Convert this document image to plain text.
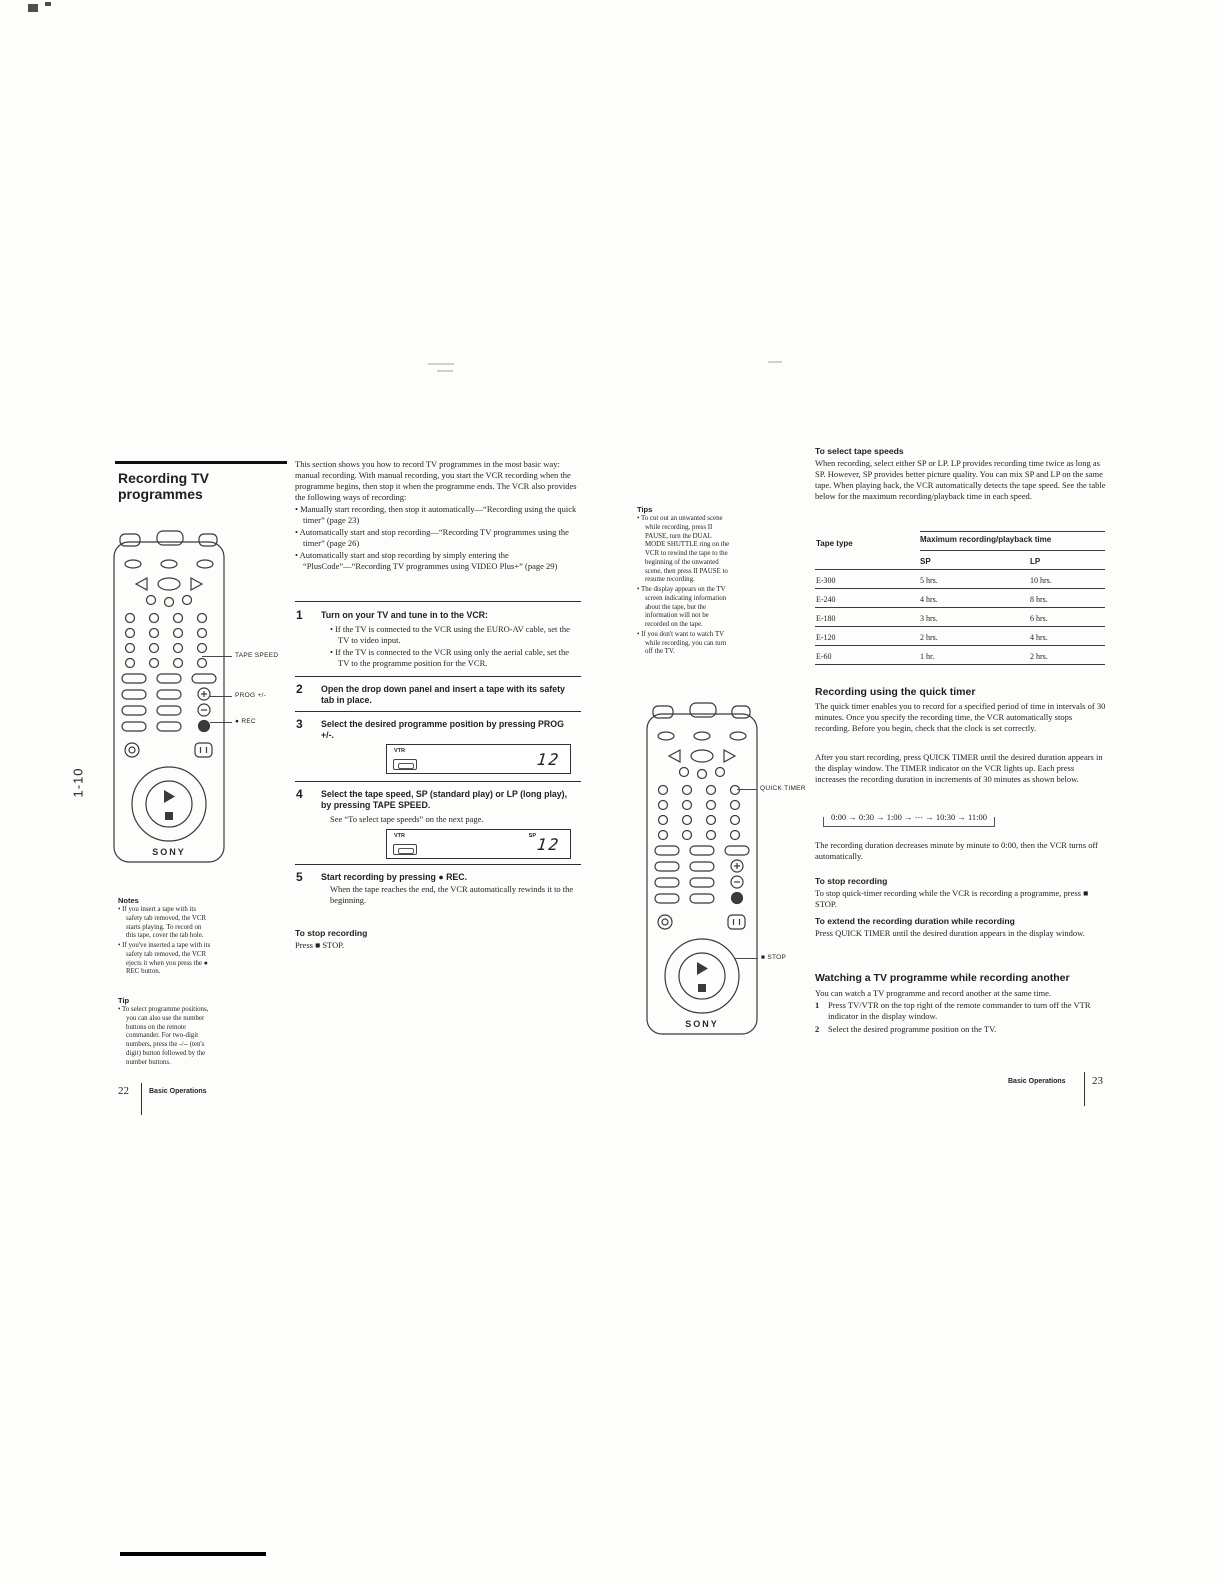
1-10
Recording TV
programmes
SONY
TAPE SPEED
PROG +/-
● REC
Notes
• If you insert a tape with its safety tab removed, the VCR starts playing. To record on this tape, cover the tab hole.
• If you've inserted a tape with its safety tab removed, the VCR ejects it when you press the ● REC button.
Tip
• To select programme positions, you can also use the number buttons on the remote commander. For two-digit numbers, press the -/-- (ten's digit) button followed by the number buttons.
22	Basic Operations
This section shows you how to record TV programmes in the most basic way: manual recording. With manual recording, you start the VCR recording when the programme begins, then stop it when the programme ends. The VCR also provides the following ways of recording:
• Manually start recording, then stop it automatically—“Recording using the quick timer” (page 23)
• Automatically start and stop recording—“Recording TV programmes using the timer” (page 26)
• Automatically start and stop recording by simply entering the “PlusCode”—“Recording TV programmes using VIDEO Plus+” (page 29)
1 Turn on your TV and tune in to the VCR:
• If the TV is connected to the VCR using the EURO-AV cable, set the TV to video input.
• If the TV is connected to the VCR using only the aerial cable, set the TV to the programme position for the VCR.
2 Open the drop down panel and insert a tape with its safety tab in place.
3 Select the desired programme position by pressing PROG +/-.
VTR	12
4 Select the tape speed, SP (standard play) or LP (long play), by pressing TAPE SPEED.
See “To select tape speeds” on the next page.
VTR	SP 12
5 Start recording by pressing ● REC.
When the tape reaches the end, the VCR automatically rewinds it to the beginning.
To stop recording
Press ■ STOP.
Tips
• To cut out an unwanted scene while recording, press II PAUSE, turn the DUAL MODE SHUTTLE ring on the VCR to rewind the tape to the beginning of the unwanted scene, then press II PAUSE to resume recording.
• The display appears on the TV screen indicating information about the tape, but the information will not be recorded on the tape.
• If you don't want to watch TV while recording, you can turn off the TV.
SONY
QUICK TIMER
■ STOP
To select tape speeds
When recording, select either SP or LP. LP provides recording time twice as long as SP. However, SP provides better picture quality. You can mix SP and LP on the same tape. When playing back, the VCR automatically detects the tape speed. See the table below for the maximum recording/playback time in each speed.
Tape type	Maximum recording/playback time
SP	LP
E-300	5 hrs.	10 hrs.
E-240	4 hrs.	8 hrs.
E-180	3 hrs.	6 hrs.
E-120	2 hrs.	4 hrs.
E-60	1 hr.	2 hrs.
Recording using the quick timer
The quick timer enables you to record for a specified period of time in intervals of 30 minutes. Once you specify the recording time, the VCR automatically stops recording. Before you begin, check that the clock is set correctly.
After you start recording, press QUICK TIMER until the desired duration appears in the display window. The TIMER indicator on the VCR lights up. Each press increases the recording duration in increments of 30 minutes as shown below.
0:00 → 0:30 → 1:00 → ⋯ → 10:30 → 11:00
The recording duration decreases minute by minute to 0:00, then the VCR turns off automatically.
To stop recording
To stop quick-timer recording while the VCR is recording a programme, press ■ STOP.
To extend the recording duration while recording
Press QUICK TIMER until the desired duration appears in the display window.
Watching a TV programme while recording another
You can watch a TV programme and record another at the same time.
1 Press TV/VTR on the top right of the remote commander to turn off the VTR indicator in the display window.
2 Select the desired programme position on the TV.
Basic Operations 23
